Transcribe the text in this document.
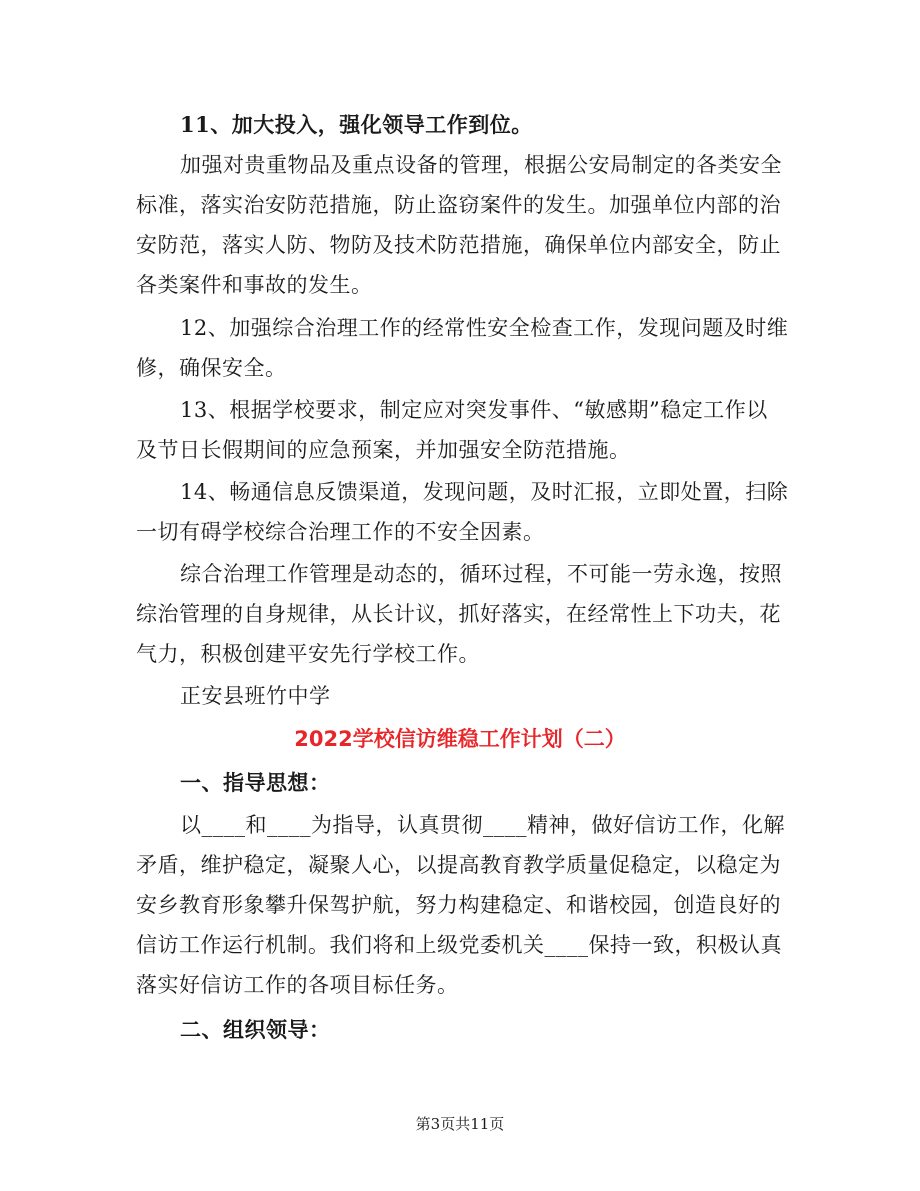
11、加大投入，强化领导工作到位。
加强对贵重物品及重点设备的管理，根据公安局制定的各类安全
标准，落实治安防范措施，防止盗窃案件的发生。加强单位内部的治
安防范，落实人防、物防及技术防范措施，确保单位内部安全，防止
各类案件和事故的发生。
12、加强综合治理工作的经常性安全检查工作，发现问题及时维
修，确保安全。
13、根据学校要求，制定应对突发事件、“敏感期”稳定工作以
及节日长假期间的应急预案，并加强安全防范措施。
14、畅通信息反馈渠道，发现问题，及时汇报，立即处置，扫除
一切有碍学校综合治理工作的不安全因素。
综合治理工作管理是动态的，循环过程，不可能一劳永逸，按照
综治管理的自身规律，从长计议，抓好落实，在经常性上下功夫，花
气力，积极创建平安先行学校工作。
正安县班竹中学
2022学校信访维稳工作计划（二）
一、指导思想：
以____和____为指导，认真贯彻____精神，做好信访工作，化解
矛盾，维护稳定，凝聚人心，以提高教育教学质量促稳定，以稳定为
安乡教育形象攀升保驾护航，努力构建稳定、和谐校园，创造良好的
信访工作运行机制。我们将和上级党委机关____保持一致，积极认真
落实好信访工作的各项目标任务。
二、组织领导：
第3页共11页
